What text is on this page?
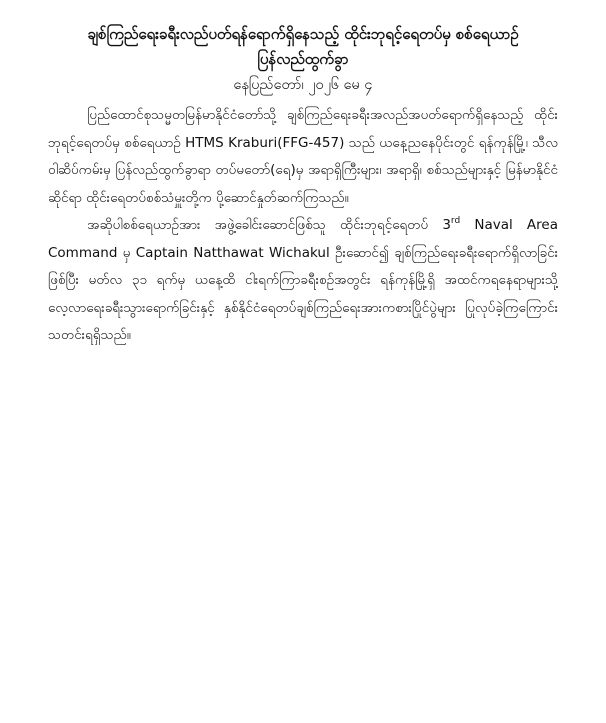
ချစ်ကြည်ရေးခရီးလည်ပတ်ရန်ရောက်ရှိနေသည့် ထိုင်းဘုရင့်ရေတပ်မှ စစ်ရေယာဉ်
ပြန်လည်ထွက်ခွာ

နေပြည်တော်၊ ၂၀၂၆ မေ ၄

ပြည်ထောင်စုသမ္မတမြန်မာနိုင်ငံတော်သို့ ချစ်ကြည်ရေးခရီးအလည်အပတ်ရောက်ရှိနေသည့် ထိုင်းဘုရင့်ရေတပ်မှ စစ်ရေယာဉ် HTMS Kraburi(FFG-457) သည် ယနေ့ညနေပိုင်းတွင် ရန်ကုန်မြို့၊ သီလဝါဆိပ်ကမ်းမှ ပြန်လည်ထွက်ခွာရာ တပ်မတော်(ရေ)မှ အရာရှိကြီးများ၊ အရာရှိ၊ စစ်သည်များနှင့် မြန်မာနိုင်ငံဆိုင်ရာ ထိုင်းရေတပ်စစ်သံမှူးတို့က ပို့ဆောင်နှုတ်ဆက်ကြသည်။

အဆိုပါစစ်ရေယာဉ်အား အဖွဲ့ခေါင်းဆောင်ဖြစ်သူ ထိုင်းဘုရင့်ရေတပ် 3rd Naval Area Command မှ Captain Natthawat Wichakul ဦးဆောင်၍ ချစ်ကြည်ရေးခရီးရောက်ရှိလာခြင်းဖြစ်ပြီး မတ်လ ၃၁ ရက်မှ ယနေ့ထိ ငါးရက်ကြာခရီးစဉ်အတွင်း ရန်ကုန်မြို့ရှိ အထင်ကရနေရာများသို့ လေ့လာရေးခရီးသွားရောက်ခြင်းနှင့် နှစ်နိုင်ငံရေတပ်ချစ်ကြည်ရေးအားကစားပြိုင်ပွဲများ ပြုလုပ်ခဲ့ကြကြောင်း သတင်းရရှိသည်။
